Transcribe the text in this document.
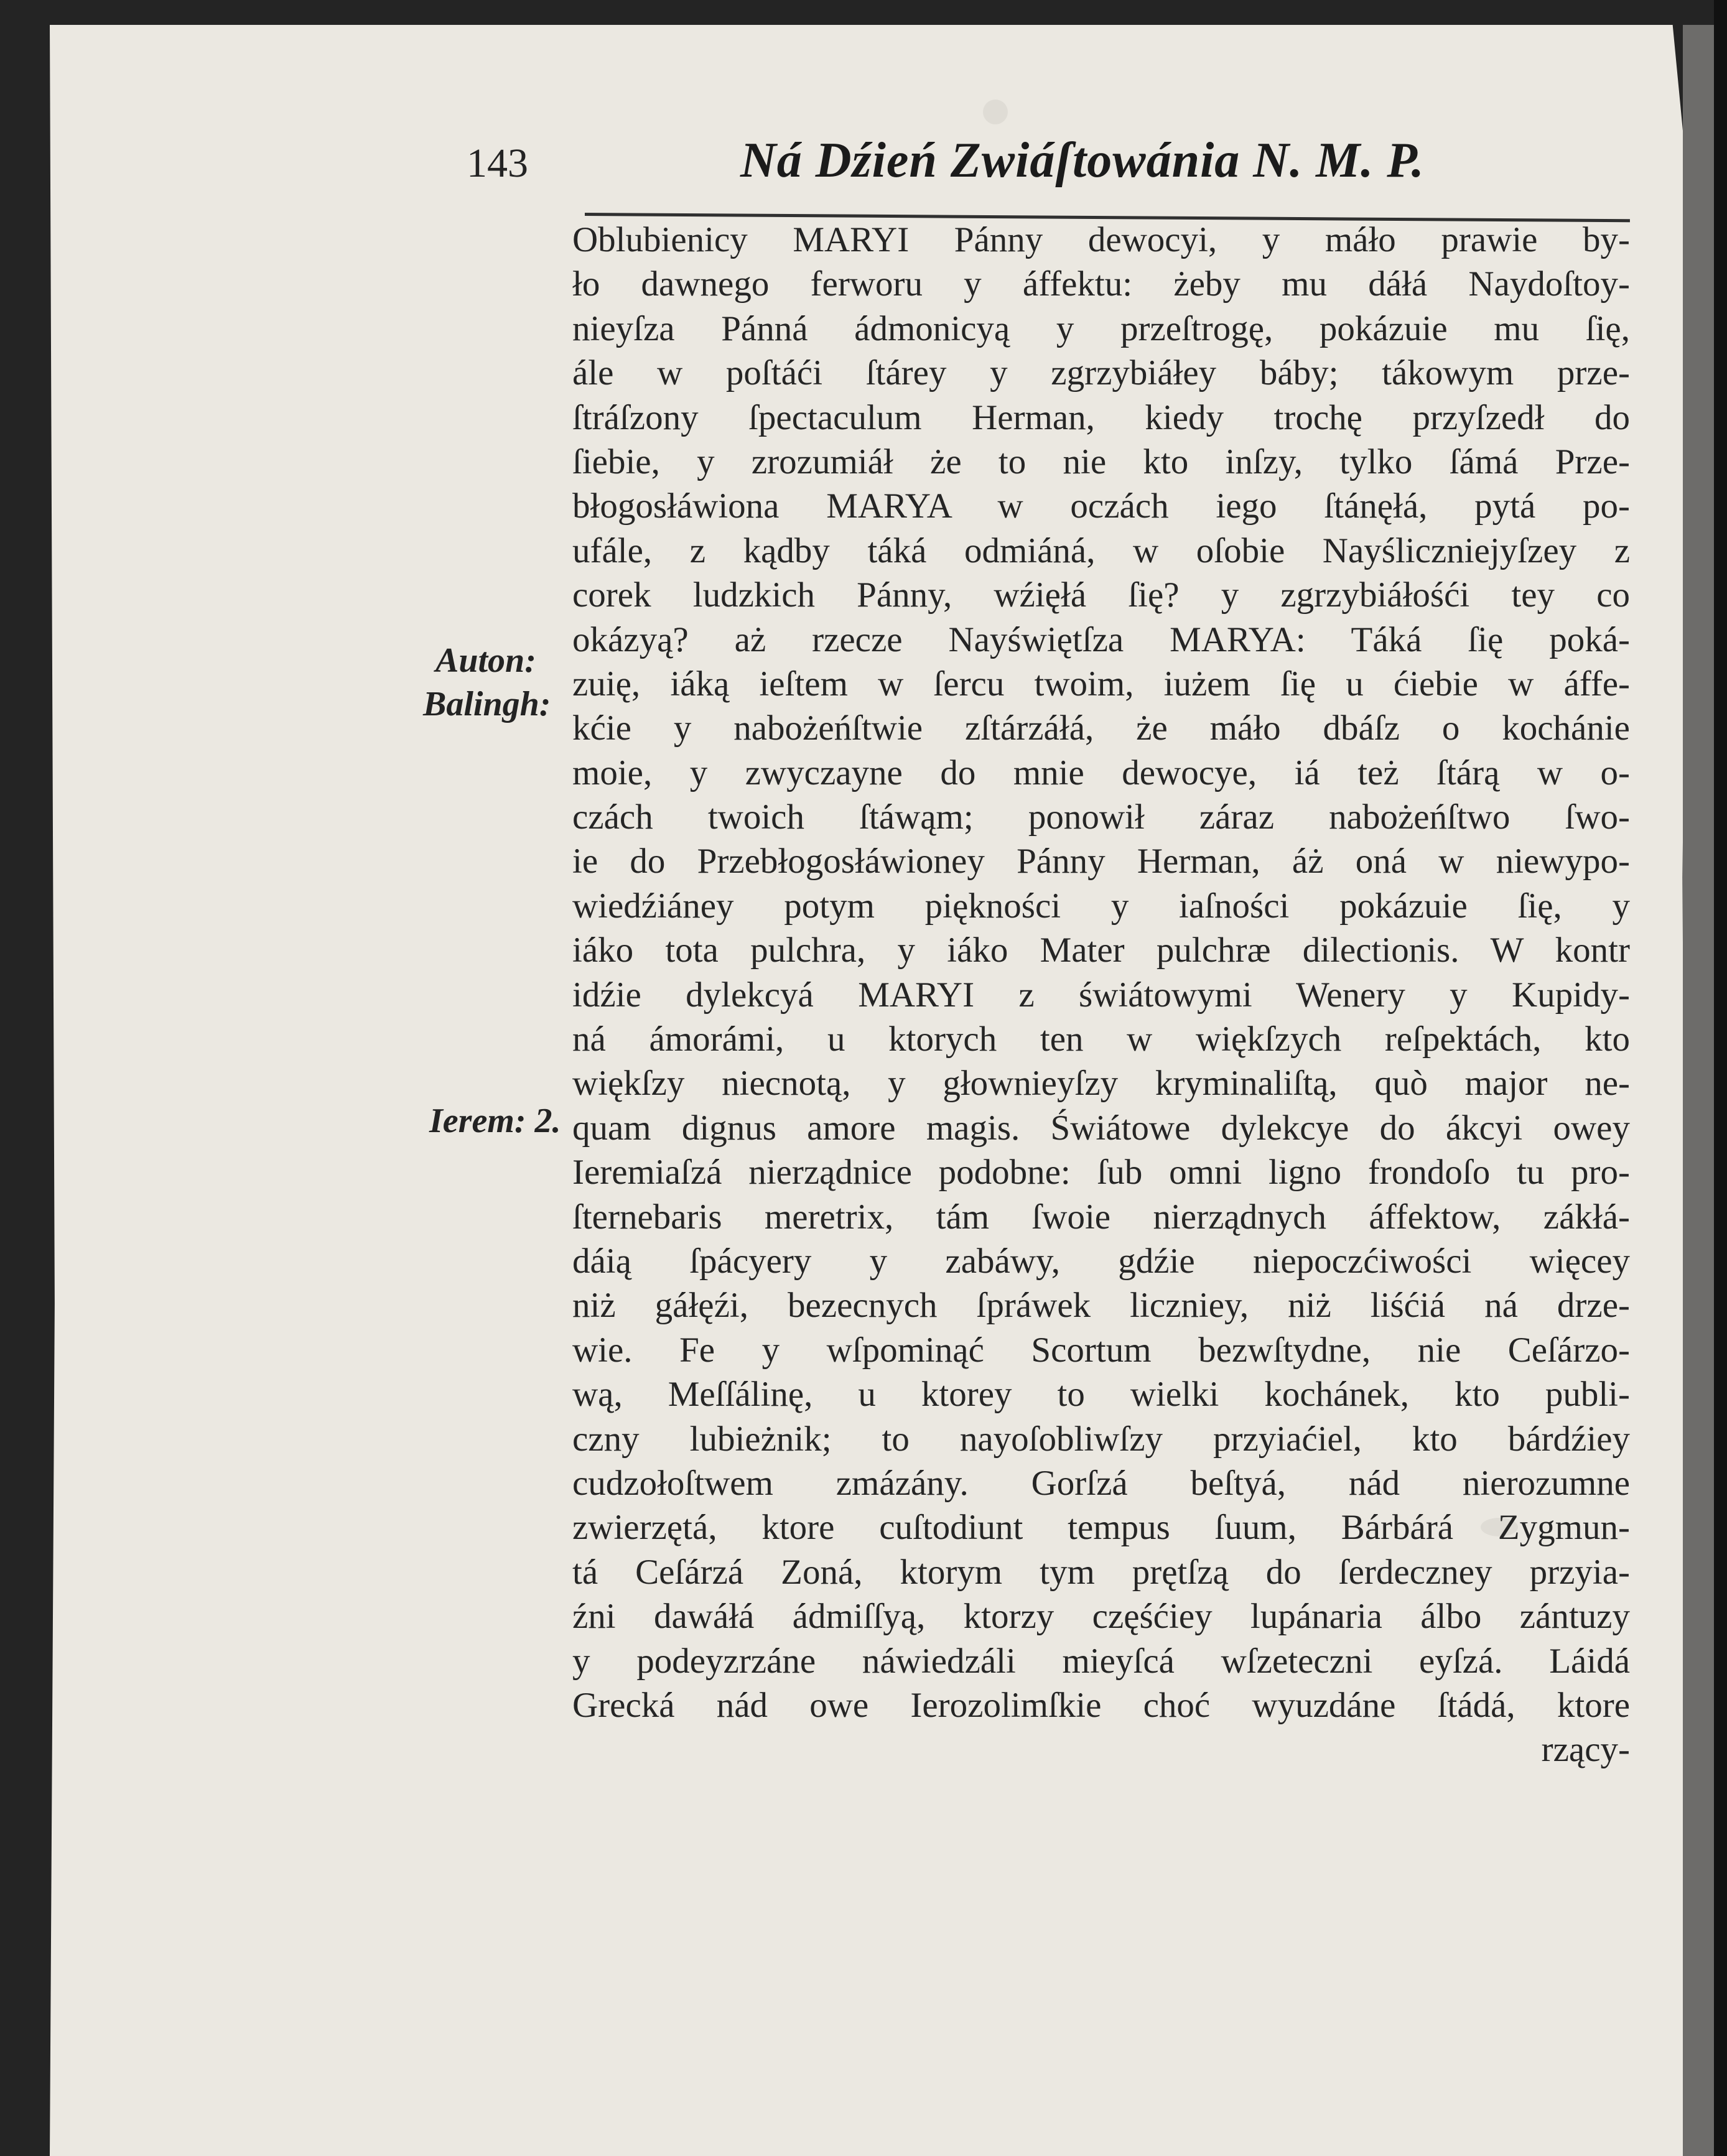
143	Ná Dźień Zwiáſtowánia N. M. P.
Auton:
Balingh:
Ierem: 2.
Oblubienicy MARYI Pánny dewocyi, y máło prawie by-
ło dawnego ferworu y áffektu: żeby mu dáłá Naydoſtoy-
nieyſza Pánná ádmonicyą y przeſtrogę, pokázuie mu ſię,
ále w poſtáći ſtárey y zgrzybiáłey báby; tákowym prze-
ſtráſzony ſpectaculum Herman, kiedy trochę przyſzedł do
ſiebie, y zrozumiáł że to nie kto inſzy, tylko ſámá Prze-
błogosłáwiona MARYA w oczách iego ſtánęłá, pytá po-
ufále, z kądby táká odmiáná, w oſobie Nayśliczniejyſzey z
corek ludzkich Pánny, wźięłá ſię? y zgrzybiáłośći tey co
okázyą? aż rzecze Nayświętſza MARYA: Táká ſię poká-
zuię, iáką ieſtem w ſercu twoim, iużem ſię u ćiebie w áffe-
kćie y nabożeńſtwie zſtárzáłá, że máło dbáſz o kochánie
moie, y zwyczayne do mnie dewocye, iá też ſtárą w o-
czách twoich ſtáwąm; ponowił záraz nabożeńſtwo ſwo-
ie do Przebłogosłáwioney Pánny Herman, áż oná w niewypo-
wiedźiáney potym piękności y iaſności pokázuie ſię, y
iáko tota pulchra, y iáko Mater pulchræ dilectionis. W kontr
idźie dylekcyá MARYI z świátowymi Wenery y Kupidy-
ná ámorámi, u ktorych ten w więkſzych reſpektách, kto
więkſzy niecnotą, y głownieyſzy kryminaliſtą, quò major ne-
quam dignus amore magis. Świátowe dylekcye do ákcyi owey
Ieremiaſzá nierządnice podobne: ſub omni ligno frondoſo tu pro-
ſternebaris meretrix, tám ſwoie nierządnych áffektow, zákłá-
dáią ſpácyery y zabáwy, gdźie niepoczćiwości więcey
niż gáłęźi, bezecnych ſpráwek liczniey, niż liśćiá ná drze-
wie. Fe y wſpominąć Scortum bezwſtydne, nie Ceſárzo-
wą, Meſſálinę, u ktorey to wielki kochánek, kto publi-
czny lubieżnik; to nayoſobliwſzy przyiaćiel, kto bárdźiey
cudzołoſtwem zmázány. Gorſzá beſtyá, nád nierozumne
zwierzętá, ktore cuſtodiunt tempus ſuum, Bárbárá Zygmun-
tá Ceſárzá Zoná, ktorym tym prętſzą do ſerdeczney przyia-
źni dawáłá ádmiſſyą, ktorzy częśćiey lupánaria álbo zántuzy
y podeyzrzáne náwiedzáli mieyſcá wſzeteczni eyſzá. Láidá
Grecká nád owe Ierozolimſkie choć wyuzdáne ſtádá, ktore
rzący-
